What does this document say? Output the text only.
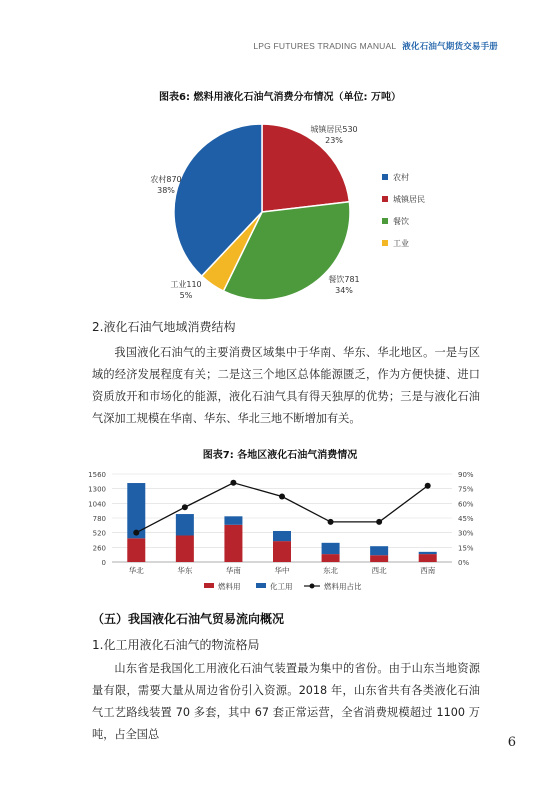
LPG FUTURES TRADING MANUAL 液化石油气期货交易手册
图表6: 燃料用液化石油气消费分布情况（单位: 万吨）
城镇居民530
23%
农村870
38%
工业110
5%
餐饮781
34%
农村
城镇居民
餐饮
工业
2.液化石油气地域消费结构

我国液化石油气的主要消费区域集中于华南、华东、华北地区。一是与区域的经济发展程度有关；二是这三个地区总体能源匮乏，作为方便快捷、进口资质放开和市场化的能源，液化石油气具有得天独厚的优势；三是与液化石油气深加工规模在华南、华东、华北三地不断增加有关。

图表7: 各地区液化石油气消费情况
1560	90%
1300	75%
1040	60%
780	45%
520	30%
260	15%
0	0%
华北	华东	华南	华中	东北	西北	西南
燃料用	化工用	燃料用占比
（五）我国液化石油气贸易流向概况
1.化工用液化石油气的物流格局

山东省是我国化工用液化石油气装置最为集中的省份。由于山东当地资源量有限，需要大量从周边省份引入资源。2018 年，山东省共有各类液化石油气工艺路线装置 70 多套，其中 67 套正常运营，全省消费规模超过 1100 万吨，占全国总

6
